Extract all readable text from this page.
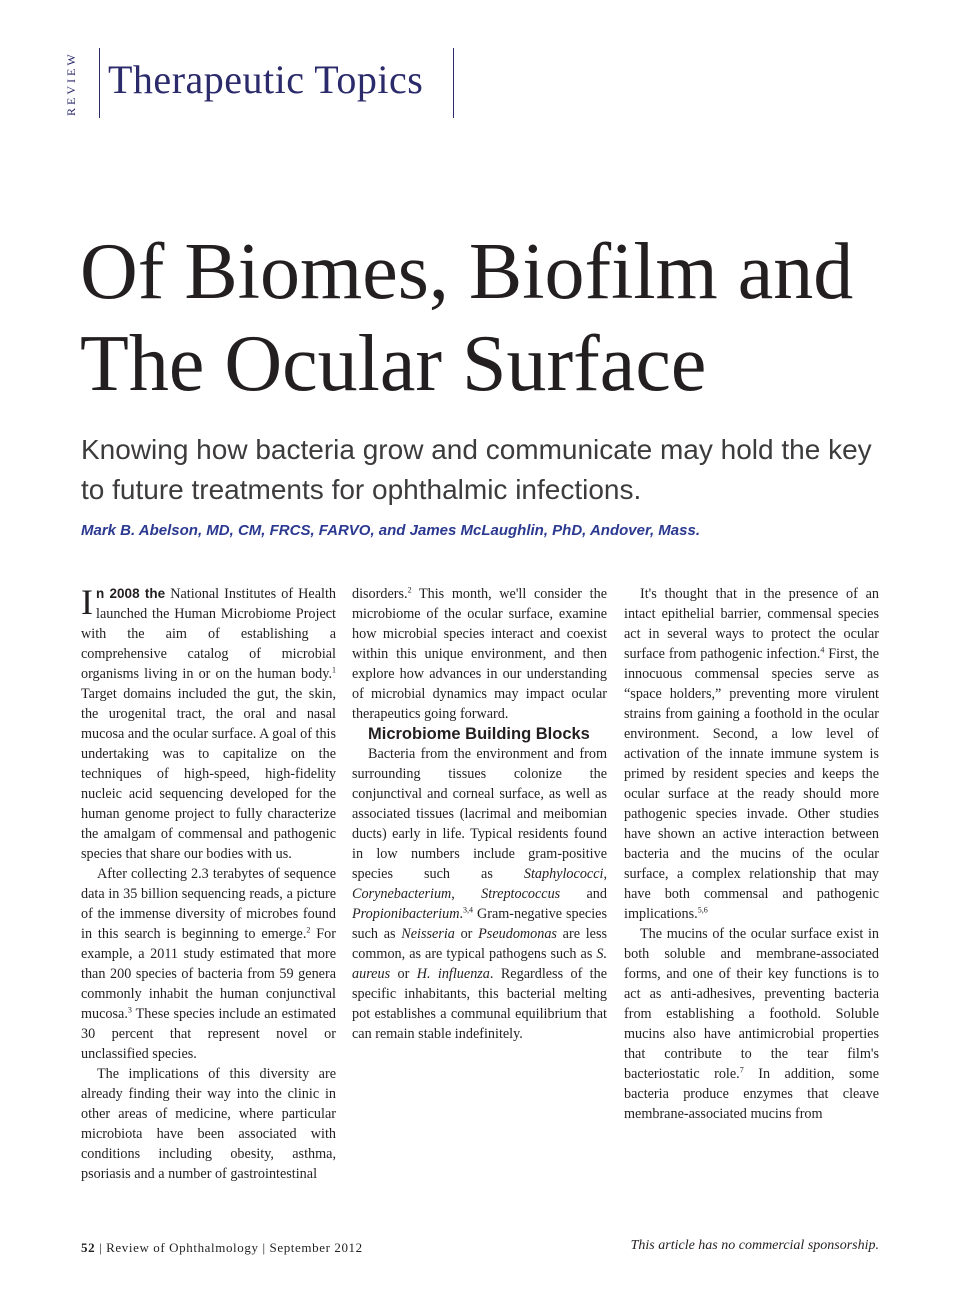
REVIEW Therapeutic Topics
Of Biomes, Biofilm and
The Ocular Surface

Knowing how bacteria grow and communicate may hold the key to future treatments for ophthalmic infections.

Mark B. Abelson, MD, CM, FRCS, FARVO, and James McLaughlin, PhD, Andover, Mass.

In 2008 the National Institutes of Health launched the Human Microbiome Project with the aim of establishing a comprehensive catalog of microbial organisms living in or on the human body.$^1$ Target domains included the gut, the skin, the urogenital tract, the oral and nasal mucosa and the ocular surface. A goal of this undertaking was to capitalize on the techniques of high-speed, high-fidelity nucleic acid sequencing developed for the human genome project to fully characterize the amalgam of commensal and pathogenic species that share our bodies with us.

After collecting 2.3 terabytes of sequence data in 35 billion sequencing reads, a picture of the immense diversity of microbes found in this search is beginning to emerge.$^2$ For example, a 2011 study estimated that more than 200 species of bacteria from 59 genera commonly inhabit the human conjunctival mucosa.$^3$ These species include an estimated 30 percent that represent novel or unclassified species.

The implications of this diversity are already finding their way into the clinic in other areas of medicine, where particular microbiota have been associated with conditions including obesity, asthma, psoriasis and a number of gastrointestinal

disorders.$^2$ This month, we'll consider the microbiome of the ocular surface, examine how microbial species interact and coexist within this unique environment, and then explore how advances in our understanding of microbial dynamics may impact ocular therapeutics going forward.

Microbiome Building Blocks

Bacteria from the environment and from surrounding tissues colonize the conjunctival and corneal surface, as well as associated tissues (lacrimal and meibomian ducts) early in life. Typical residents found in low numbers include gram-positive species such as Staphylococci, Corynebacterium, Streptococcus and Propionibacterium.$^{3,4}$ Gram-negative species such as Neisseria or Pseudomonas are less common, as are typical pathogens such as S. aureus or H. influenza. Regardless of the specific inhabitants, this bacterial melting pot establishes a communal equilibrium that can remain stable indefinitely.

It's thought that in the presence of an intact epithelial barrier, commensal species act in several ways to protect the ocular surface from pathogenic infection.$^4$ First, the innocuous commensal species serve as “space holders,” preventing more virulent strains from gaining a foothold in the ocular environment. Second, a low level of activation of the innate immune system is primed by resident species and keeps the ocular surface at the ready should more pathogenic species invade. Other studies have shown an active interaction between bacteria and the mucins of the ocular surface, a complex relationship that may have both commensal and pathogenic implications.$^{5,6}$

The mucins of the ocular surface exist in both soluble and membrane-associated forms, and one of their key functions is to act as anti-adhesives, preventing bacteria from establishing a foothold. Soluble mucins also have antimicrobial properties that contribute to the tear film's bacteriostatic role.$^7$ In addition, some bacteria produce enzymes that cleave membrane-associated mucins from

52 | Review of Ophthalmology | September 2012	This article has no commercial sponsorship.
